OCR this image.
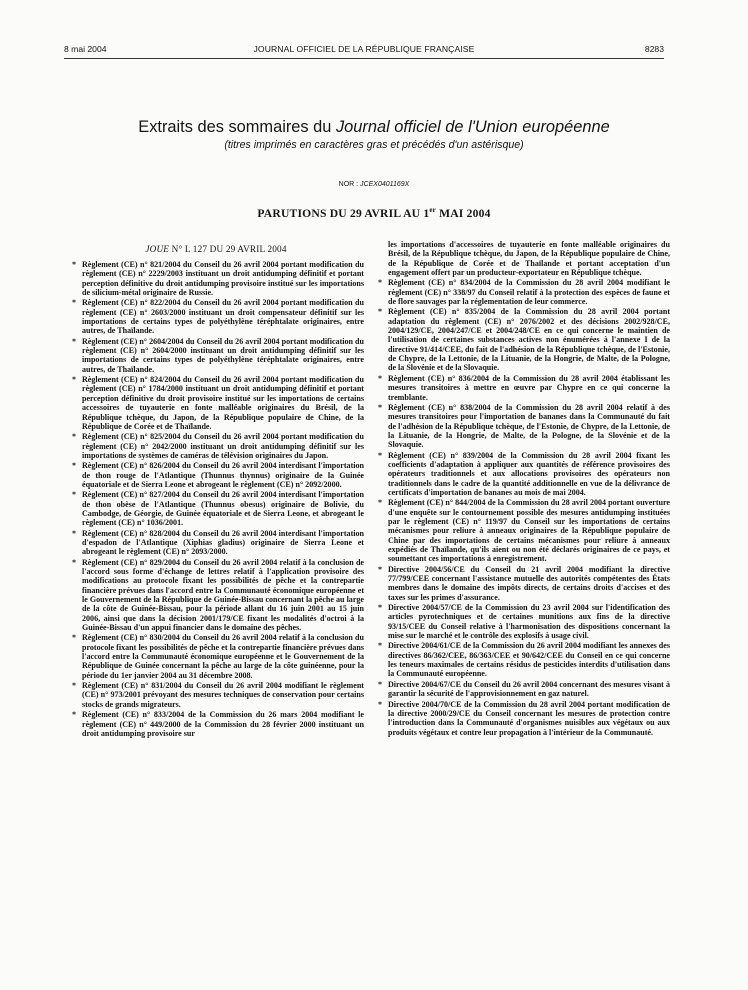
8 mai 2004	JOURNAL OFFICIEL DE LA RÉPUBLIQUE FRANÇAISE	8283
Extraits des sommaires du Journal officiel de l'Union européenne
(titres imprimés en caractères gras et précédés d'un astérisque)
NOR : JCEX0401169X
PARUTIONS DU 29 AVRIL AU 1er MAI 2004
JOUE N° L 127 DU 29 AVRIL 2004
* Règlement (CE) n° 821/2004 du Conseil du 26 avril 2004 portant modification du règlement (CE) n° 2229/2003 instituant un droit antidumping définitif et portant perception définitive du droit antidumping provisoire institué sur les importations de silicium-métal originaire de Russie.
* Règlement (CE) n° 822/2004 du Conseil du 26 avril 2004 portant modification du règlement (CE) n° 2603/2000 instituant un droit compensateur définitif sur les importations de certains types de polyéthylène téréphtalate originaires, entre autres, de Thaïlande.
* Règlement (CE) n° 2604/2004 du Conseil du 26 avril 2004 portant modification du règlement (CE) n° 2604/2000 instituant un droit antidumping définitif sur les importations de certains types de polyéthylène téréphtalate originaires, entre autres, de Thaïlande.
* Règlement (CE) n° 824/2004 du Conseil du 26 avril 2004 portant modification du règlement (CE) n° 1784/2000 instituant un droit antidumping définitif et portant perception définitive du droit provisoire institué sur les importations de certains accessoires de tuyauterie en fonte malléable originaires du Brésil, de la République tchèque, du Japon, de la République populaire de Chine, de la République de Corée et de Thaïlande.
* Règlement (CE) n° 825/2004 du Conseil du 26 avril 2004 portant modification du règlement (CE) n° 2042/2000 instituant un droit antidumping définitif sur les importations de systèmes de caméras de télévision originaires du Japon.
* Règlement (CE) n° 826/2004 du Conseil du 26 avril 2004 interdisant l'importation de thon rouge de l'Atlantique (Thunnus thynnus) originaire de la Guinée équatoriale et de Sierra Leone et abrogeant le règlement (CE) n° 2092/2000.
* Règlement (CE) n° 827/2004 du Conseil du 26 avril 2004 interdisant l'importation de thon obèse de l'Atlantique (Thunnus obesus) originaire de Bolivie, du Cambodge, de Géorgie, de Guinée équatoriale et de Sierra Leone, et abrogeant le règlement (CE) n° 1036/2001.
* Règlement (CE) n° 828/2004 du Conseil du 26 avril 2004 interdisant l'importation d'espadon de l'Atlantique (Xiphias gladius) originaire de Sierra Leone et abrogeant le règlement (CE) n° 2093/2000.
* Règlement (CE) n° 829/2004 du Conseil du 26 avril 2004 relatif à la conclusion de l'accord sous forme d'échange de lettres relatif à l'application provisoire des modifications au protocole fixant les possibilités de pêche et la contrepartie financière prévues dans l'accord entre la Communauté économique européenne et le Gouvernement de la République de Guinée-Bissau concernant la pêche au large de la côte de Guinée-Bissau, pour la période allant du 16 juin 2001 au 15 juin 2006, ainsi que dans la décision 2001/179/CE fixant les modalités d'octroi à la Guinée-Bissau d'un appui financier dans le domaine des pêches.
* Règlement (CE) n° 830/2004 du Conseil du 26 avril 2004 relatif à la conclusion du protocole fixant les possibilités de pêche et la contrepartie financière prévues dans l'accord entre la Communauté économique européenne et le Gouvernement de la République de Guinée concernant la pêche au large de la côte guinéenne, pour la période du 1er janvier 2004 au 31 décembre 2008.
* Règlement (CE) n° 831/2004 du Conseil du 26 avril 2004 modifiant le règlement (CE) n° 973/2001 prévoyant des mesures techniques de conservation pour certains stocks de grands migrateurs.
* Règlement (CE) n° 833/2004 de la Commission du 26 mars 2004 modifiant le règlement (CE) n° 449/2000 de la Commission du 28 février 2000 instituant un droit antidumping provisoire sur
les importations d'accessoires de tuyauterie en fonte malléable originaires du Brésil, de la République tchèque, du Japon, de la République populaire de Chine, de la République de Corée et de Thaïlande et portant acceptation d'un engagement offert par un producteur-exportateur en République tchèque.
* Règlement (CE) n° 834/2004 de la Commission du 28 avril 2004 modifiant le règlement (CE) n° 338/97 du Conseil relatif à la protection des espèces de faune et de flore sauvages par la réglementation de leur commerce.
* Règlement (CE) n° 835/2004 de la Commission du 28 avril 2004 portant adaptation du règlement (CE) n° 2076/2002 et des décisions 2002/928/CE, 2004/129/CE, 2004/247/CE et 2004/248/CE en ce qui concerne le maintien de l'utilisation de certaines substances actives non énumérées à l'annexe I de la directive 91/414/CEE, du fait de l'adhésion de la République tchèque, de l'Estonie, de Chypre, de la Lettonie, de la Lituanie, de la Hongrie, de Malte, de la Pologne, de la Slovénie et de la Slovaquie.
* Règlement (CE) n° 836/2004 de la Commission du 28 avril 2004 établissant les mesures transitoires à mettre en œuvre par Chypre en ce qui concerne la tremblante.
* Règlement (CE) n° 838/2004 de la Commission du 28 avril 2004 relatif à des mesures transitoires pour l'importation de bananes dans la Communauté du fait de l'adhésion de la République tchèque, de l'Estonie, de Chypre, de la Lettonie, de la Lituanie, de la Hongrie, de Malte, de la Pologne, de la Slovénie et de la Slovaquie.
* Règlement (CE) n° 839/2004 de la Commission du 28 avril 2004 fixant les coefficients d'adaptation à appliquer aux quantités de référence provisoires des opérateurs traditionnels et aux allocations provisoires des opérateurs non traditionnels dans le cadre de la quantité additionnelle en vue de la délivrance de certificats d'importation de bananes au mois de mai 2004.
* Règlement (CE) n° 844/2004 de la Commission du 28 avril 2004 portant ouverture d'une enquête sur le contournement possible des mesures antidumping instituées par le règlement (CE) n° 119/97 du Conseil sur les importations de certains mécanismes pour reliure à anneaux originaires de la République populaire de Chine par des importations de certains mécanismes pour reliure à anneaux expédiés de Thaïlande, qu'ils aient ou non été déclarés originaires de ce pays, et soumettant ces importations à enregistrement.
* Directive 2004/56/CE du Conseil du 21 avril 2004 modifiant la directive 77/799/CEE concernant l'assistance mutuelle des autorités compétentes des États membres dans le domaine des impôts directs, de certains droits d'accises et des taxes sur les primes d'assurance.
* Directive 2004/57/CE de la Commission du 23 avril 2004 sur l'identification des articles pyrotechniques et de certaines munitions aux fins de la directive 93/15/CEE du Conseil relative à l'harmonisation des dispositions concernant la mise sur le marché et le contrôle des explosifs à usage civil.
* Directive 2004/61/CE de la Commission du 26 avril 2004 modifiant les annexes des directives 86/362/CEE, 86/363/CEE et 90/642/CEE du Conseil en ce qui concerne les teneurs maximales de certains résidus de pesticides interdits d'utilisation dans la Communauté européenne.
* Directive 2004/67/CE du Conseil du 26 avril 2004 concernant des mesures visant à garantir la sécurité de l'approvisionnement en gaz naturel.
* Directive 2004/70/CE de la Commission du 28 avril 2004 portant modification de la directive 2000/29/CE du Conseil concernant les mesures de protection contre l'introduction dans la Communauté d'organismes nuisibles aux végétaux ou aux produits végétaux et contre leur propagation à l'intérieur de la Communauté.
